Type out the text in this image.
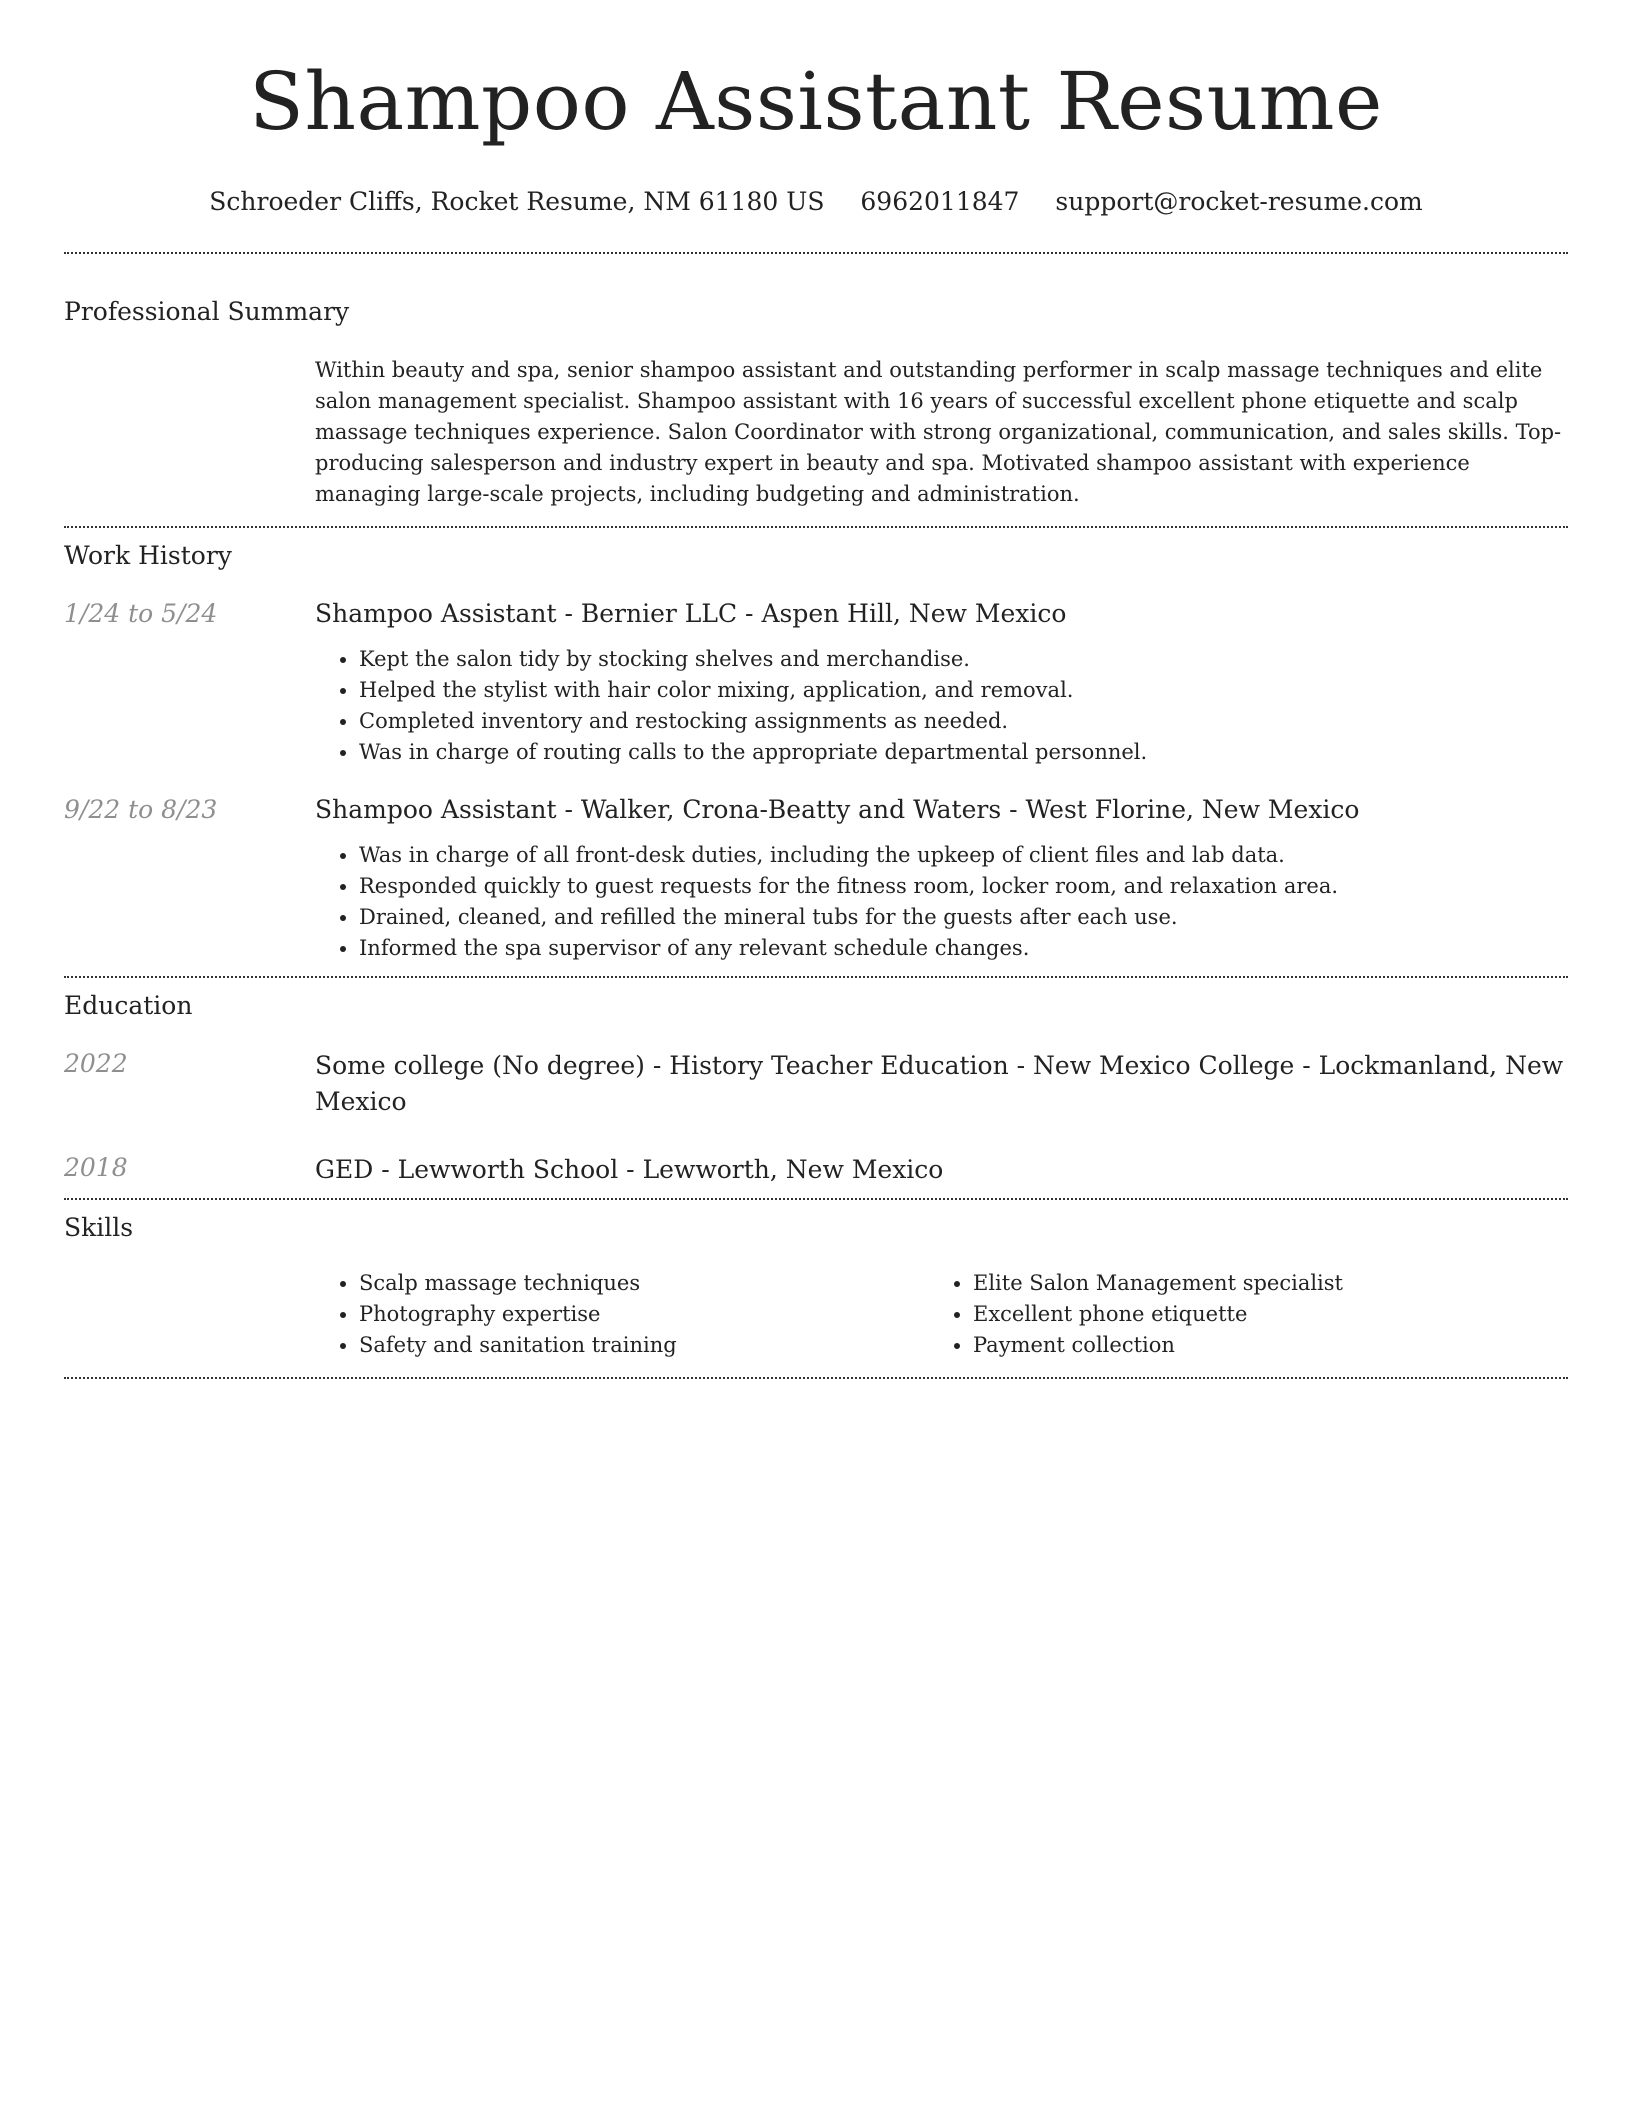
Shampoo Assistant Resume
Schroeder Cliffs, Rocket Resume, NM 61180 US 6962011847 support@rocket-resume.com
Professional Summary

Within beauty and spa, senior shampoo assistant and outstanding performer in scalp massage techniques and elite salon management specialist. Shampoo assistant with 16 years of successful excellent phone etiquette and scalp massage techniques experience. Salon Coordinator with strong organizational, communication, and sales skills. Top-producing salesperson and industry expert in beauty and spa. Motivated shampoo assistant with experience managing large-scale projects, including budgeting and administration.

Work History
1/24 to 5/24	Shampoo Assistant - Bernier LLC - Aspen Hill, New Mexico

• Kept the salon tidy by stocking shelves and merchandise.
• Helped the stylist with hair color mixing, application, and removal.
• Completed inventory and restocking assignments as needed.
• Was in charge of routing calls to the appropriate departmental personnel.
9/22 to 8/23	Shampoo Assistant - Walker, Crona-Beatty and Waters - West Florine, New Mexico

• Was in charge of all front-desk duties, including the upkeep of client files and lab data.
• Responded quickly to guest requests for the fitness room, locker room, and relaxation area.
• Drained, cleaned, and refilled the mineral tubs for the guests after each use.
• Informed the spa supervisor of any relevant schedule changes.
Education
2022	Some college (No degree) - History Teacher Education - New Mexico College - Lockmanland, New Mexico

2018	GED - Lewworth School - Lewworth, New Mexico

Skills
• Scalp massage techniques
• Photography expertise
• Safety and sanitation training
• Elite Salon Management specialist
• Excellent phone etiquette
• Payment collection
